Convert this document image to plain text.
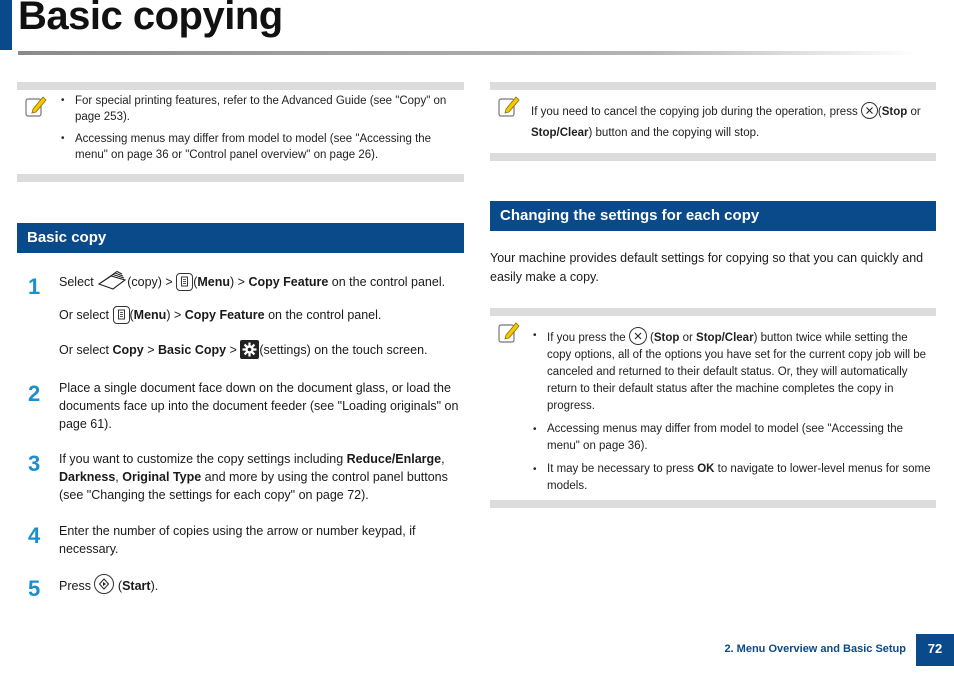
Basic copying
• For special printing features, refer to the Advanced Guide (see "Copy" on page 253).
• Accessing menus may differ from model to model (see "Accessing the menu" on page 36 or "Control panel overview" on page 26).
If you need to cancel the copying job during the operation, press
(Stop or Stop/Clear) button and the copying will stop.
Basic copy
1	Select (copy) >
(Menu) > Copy Feature on the control panel.
Or select
(Menu) > Copy Feature on the control panel.
Or select Copy > Basic Copy >
(settings) on the touch screen.
2	Place a single document face down on the document glass, or load the documents face up into the document feeder (see "Loading originals" on page 61).
3	If you want to customize the copy settings including Reduce/Enlarge, Darkness, Original Type and more by using the control panel buttons (see "Changing the settings for each copy" on page 72).
4	Enter the number of copies using the arrow or number keypad, if necessary.
5	Press
(Start).
Changing the settings for each copy
Your machine provides default settings for copying so that you can quickly and easily make a copy.
• If you press the
(Stop or Stop/Clear) button twice while setting the copy options, all of the options you have set for the current copy job will be canceled and returned to their default status. Or, they will automatically return to their default status after the machine completes the copy in progress.
• Accessing menus may differ from model to model (see "Accessing the menu" on page 36).
• It may be necessary to press OK to navigate to lower-level menus for some models.
2. Menu Overview and Basic Setup	72
